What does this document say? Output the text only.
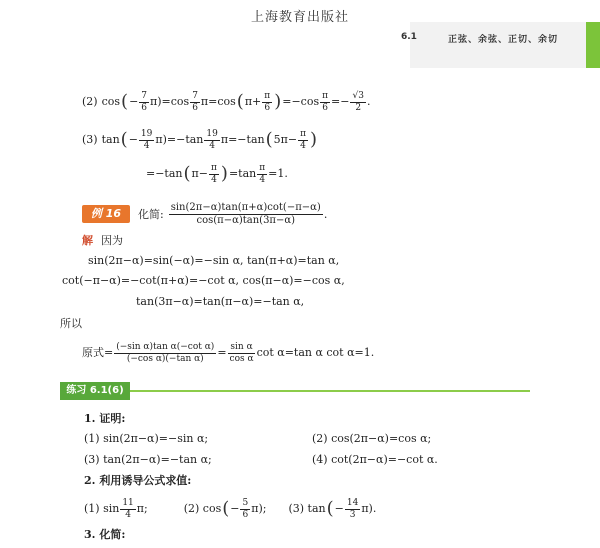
上海教育出版社
6.1	正弦、余弦、正切、余切
(2) cos ( − $\frac{7}{6} \pi)=\cos \frac{7}{6} \pi=\cos$ ( $\pi+ \frac{\pi}{6}$ ) $=-\cos \frac{\pi}{6} =- \frac{√3}{2}$ .
(3) tan ( − $\frac{19}{4} \pi)=-\tan \frac{19}{4} \pi=-\tan$ ( $5\pi- \frac{\pi}{4}$ )
=−tan ( $\pi- \frac{\pi}{4}$ ) $=\tan \frac{\pi}{4} =1$.
例 16	化简: $\frac{\sin(2\pi-\alpha)\tan(\pi+\alpha)\cot(-\pi-\alpha)}{\cos(\pi-\alpha)\tan(3\pi-\alpha)}$ .
解 因为
sin(2π−α)=sin(−α)=−sin α, tan(π+α)=tan α,
cot(−π−α)=−cot(π+α)=−cot α, cos(π−α)=−cos α,
tan(3π−α)=tan(π−α)=−tan α,
所以
原式= $\frac{\text{(−sin α)tan α(−cot α)}}{\text{(−cos α)(−tan α)}} = \frac{\text{sin α}}{\text{cos α}}$ cot α=tan α cot α=1.
练习 6.1(6)
1. 证明:
(1) sin(2π−α)=−sin α;	(2) cos(2π−α)=cos α;
(3) tan(2π−α)=−tan α;	(4) cot(2π−α)=−cot α.
2. 利用诱导公式求值:
(1) $\sin \frac{11}{4} \pi$;	(2) cos ( − $\frac{5}{6} \pi$); (3) tan ( − $\frac{14}{3} \pi$).
3. 化简:
